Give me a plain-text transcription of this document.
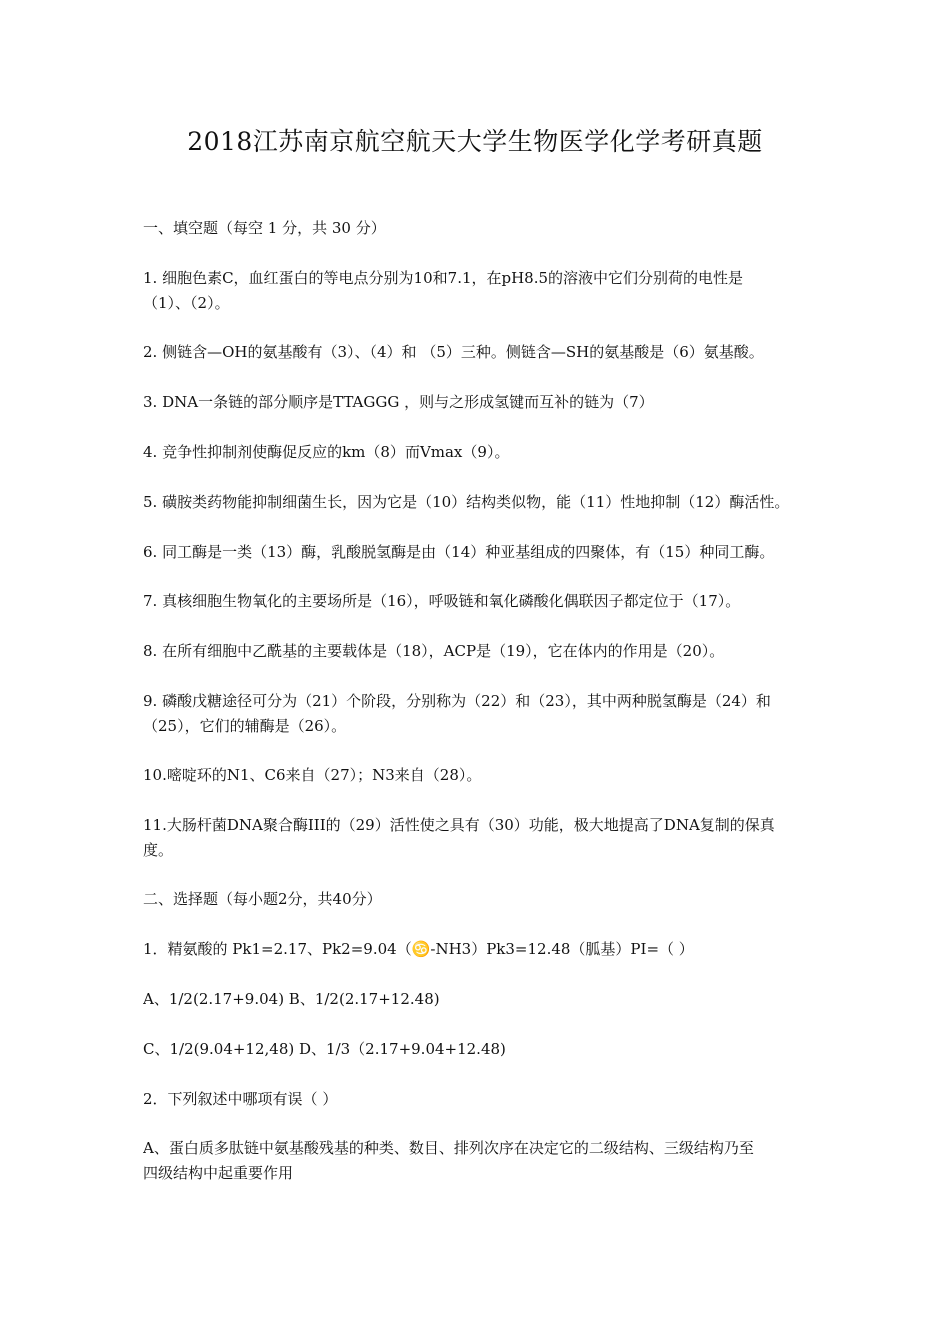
2018江苏南京航空航天大学生物医学化学考研真题
一、填空题（每空 1 分，共 30 分）
1. 细胞色素C，血红蛋白的等电点分别为10和7.1，在pH8.5的溶液中它们分别荷的电性是
（1）、（2）。
2. 侧链含—OH的氨基酸有（3）、（4）和 （5）三种。侧链含—SH的氨基酸是（6）氨基酸。
3. DNA一条链的部分顺序是TTAGGG ，则与之形成氢键而互补的链为（7）
4. 竞争性抑制剂使酶促反应的km（8）而Vmax（9）。
5. 磺胺类药物能抑制细菌生长，因为它是（10）结构类似物，能（11）性地抑制（12）酶活性。
6. 同工酶是一类（13）酶，乳酸脱氢酶是由（14）种亚基组成的四聚体，有（15）种同工酶。
7. 真核细胞生物氧化的主要场所是（16），呼吸链和氧化磷酸化偶联因子都定位于（17）。
8. 在所有细胞中乙酰基的主要载体是（18），ACP是（19），它在体内的作用是（20）。
9. 磷酸戊糖途径可分为（21）个阶段，分别称为（22）和（23），其中两种脱氢酶是（24）和
（25），它们的辅酶是（26）。
10.嘧啶环的N1、C6来自（27）；N3来自（28）。
11.大肠杆菌DNA聚合酶III的（29）活性使之具有（30）功能，极大地提高了DNA复制的保真
度。
二、选择题（每小题2分，共40分）
1．精氨酸的 Pk1=2.17、Pk2=9.04（♋-NH3）Pk3=12.48（胍基）PI=（ ）
A、1/2(2.17+9.04) B、1/2(2.17+12.48)
C、1/2(9.04+12,48) D、1/3（2.17+9.04+12.48)
2．下列叙述中哪项有误（ ）
A、蛋白质多肽链中氨基酸残基的种类、数目、排列次序在决定它的二级结构、三级结构乃至
四级结构中起重要作用
